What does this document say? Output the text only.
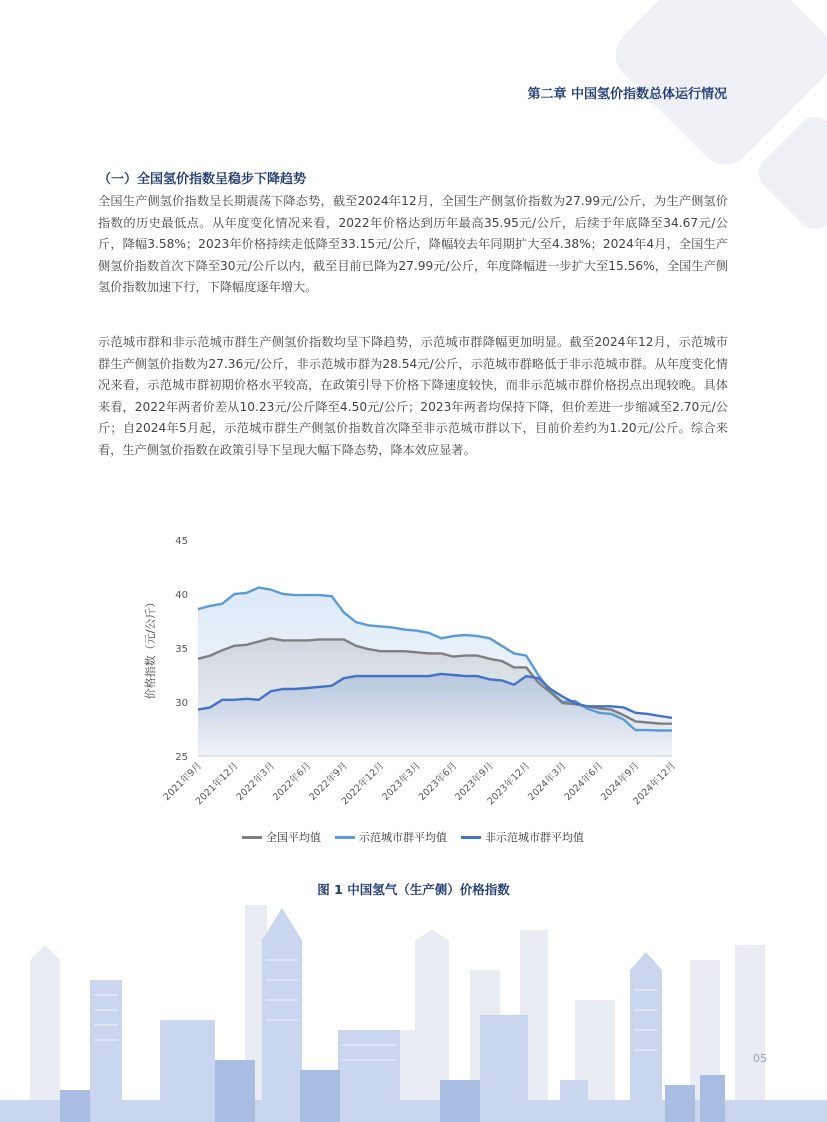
第二章 中国氢价指数总体运行情况
（一）全国氢价指数呈稳步下降趋势
全国生产侧氢价指数呈长期震荡下降态势，截至2024年12月，全国生产侧氢价指数为27.99元/公斤，为生产侧氢价指数的历史最低点。从年度变化情况来看，2022年价格达到历年最高35.95元/公斤，后续于年底降至34.67元/公斤，降幅3.58%；2023年价格持续走低降至33.15元/公斤，降幅较去年同期扩大至4.38%；2024年4月，全国生产侧氢价指数首次下降至30元/公斤以内，截至目前已降为27.99元/公斤，年度降幅进一步扩大至15.56%，全国生产侧氢价指数加速下行，下降幅度逐年增大。
示范城市群和非示范城市群生产侧氢价指数均呈下降趋势，示范城市群降幅更加明显。截至2024年12月，示范城市群生产侧氢价指数为27.36元/公斤，非示范城市群为28.54元/公斤，示范城市群略低于非示范城市群。从年度变化情况来看，示范城市群初期价格水平较高，在政策引导下价格下降速度较快，而非示范城市群价格拐点出现较晚。具体来看，2022年两者价差从10.23元/公斤降至4.50元/公斤；2023年两者均保持下降，但价差进一步缩减至2.70元/公斤；自2024年5月起，示范城市群生产侧氢价指数首次降至非示范城市群以下，目前价差约为1.20元/公斤。综合来看，生产侧氢价指数在政策引导下呈现大幅下降态势，降本效应显著。
25
30
35
40
45
价格指数（元/公斤）
2021年9月
2021年12月
2022年3月
2022年6月
2022年9月
2022年12月
2023年3月
2023年6月
2023年9月
2023年12月
2024年3月
2024年6月
2024年9月
2024年12月
全国平均值	示范城市群平均值	非示范城市群平均值
图 1 中国氢气（生产侧）价格指数
05
